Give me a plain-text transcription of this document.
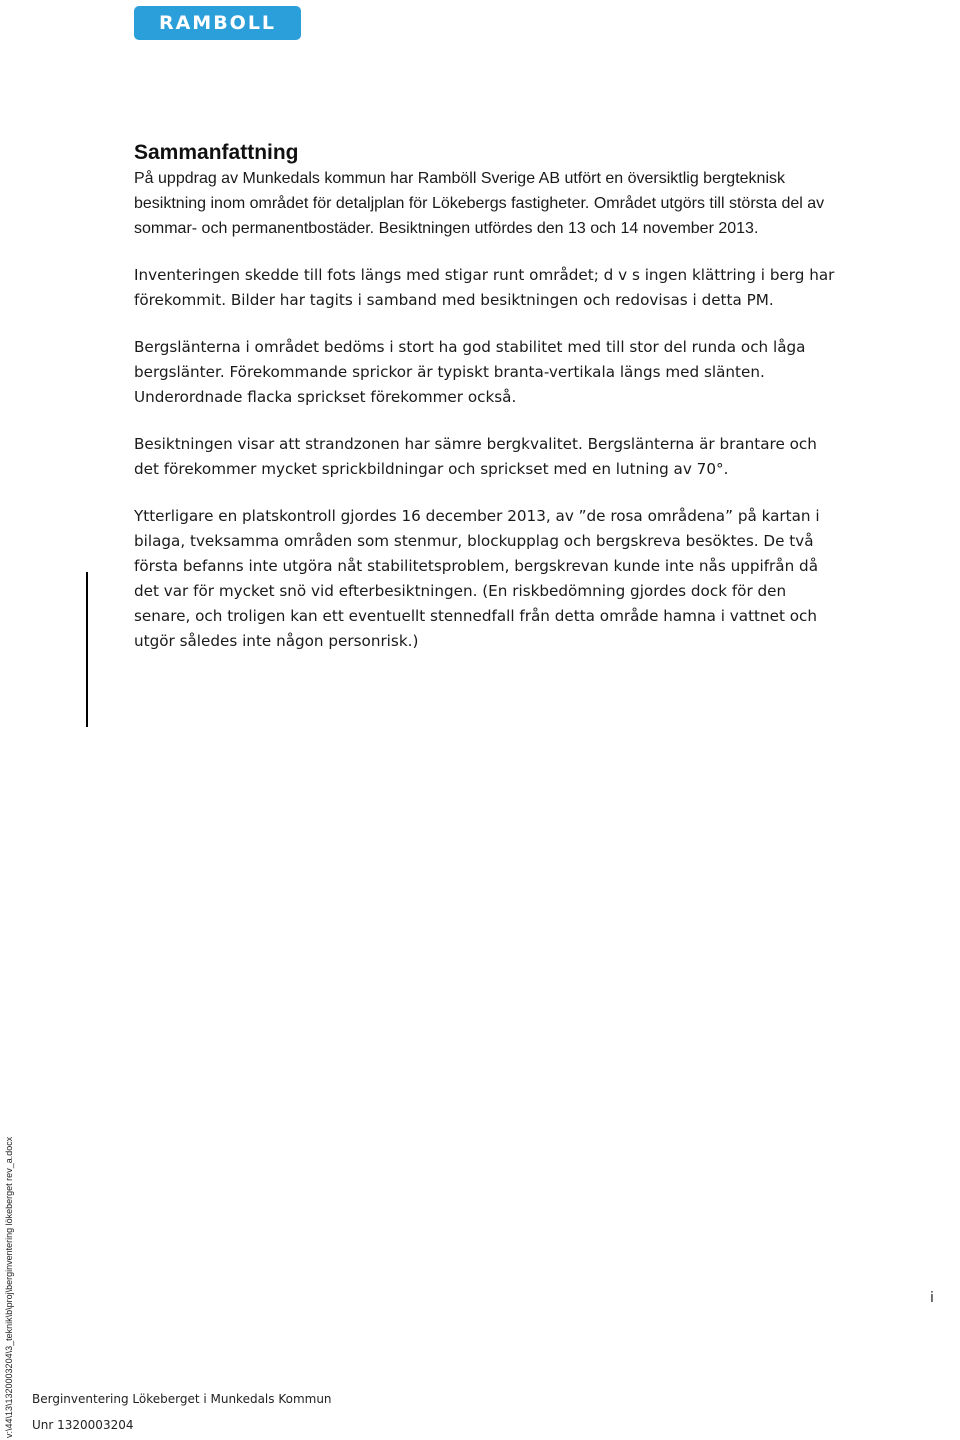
RAMBOLL
Sammanfattning

På uppdrag av Munkedals kommun har Ramböll Sverige AB utfört en översiktlig bergteknisk besiktning inom området för detaljplan för Lökebergs fastigheter. Området utgörs till största del av sommar- och permanentbostäder. Besiktningen utfördes den 13 och 14 november 2013.

Inventeringen skedde till fots längs med stigar runt området; d v s ingen klättring i berg har förekommit. Bilder har tagits i samband med besiktningen och redovisas i detta PM.

Bergslänterna i området bedöms i stort ha god stabilitet med till stor del runda och låga bergslänter. Förekommande sprickor är typiskt branta-vertikala längs med slänten. Underordnade flacka sprickset förekommer också.

Besiktningen visar att strandzonen har sämre bergkvalitet. Bergslänterna är brantare och det förekommer mycket sprickbildningar och sprickset med en lutning av 70°.

Ytterligare en platskontroll gjordes 16 december 2013, av ”de rosa områdena” på kartan i bilaga, tveksamma områden som stenmur, blockupplag och bergskreva besöktes. De två första befanns inte utgöra nåt stabilitetsproblem, bergskrevan kunde inte nås uppifrån då det var för mycket snö vid efterbesiktningen. (En riskbedömning gjordes dock för den senare, och troligen kan ett eventuellt stennedfall från detta område hamna i vattnet och utgör således inte någon personrisk.)

v:\44\13\1320003204\3_teknik\b\proj\berginventering lökeberget rev_a.docx	i
Berginventering Lökeberget i Munkedals Kommun
Unr 1320003204
